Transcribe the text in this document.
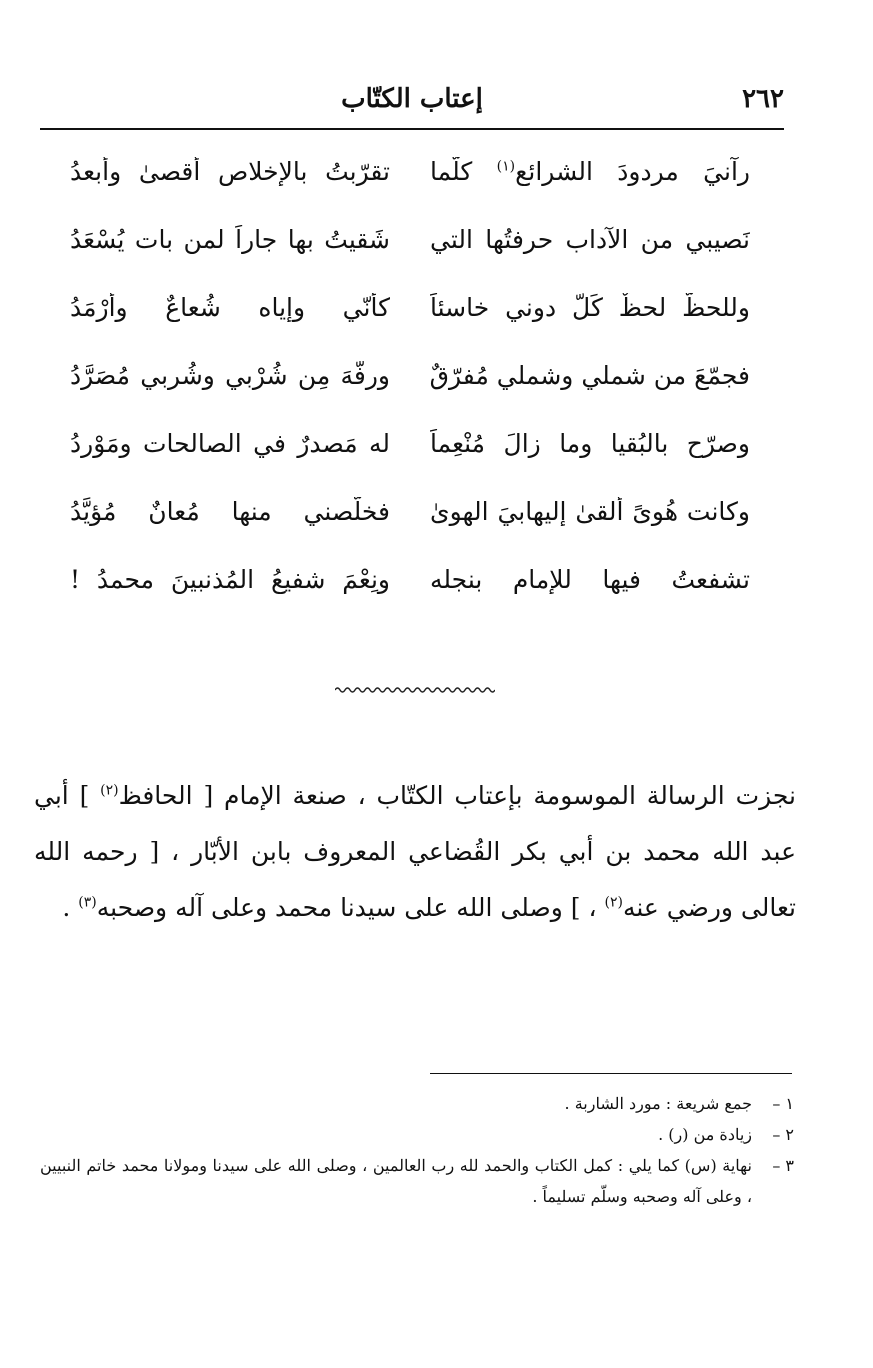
٢٦٢
إعتاب الكتّاب
رآنيَ مردودَ الشرائع$^{(١)}$ كلّما
تقرّبتُ بالإخلاص أُقصىٰ وأُبعدُ
نَصيبي من الآداب حرفتُها التي
شَقيتُ بها جاراً لمن بات يُسْعَدُ
وللحظّ لحظٌ كَلَّ دوني خاسئاً
كأنّي وإياه شُعاعٌ وأرْمَدُ
فجمّعَ من شملي وشملي مُفرّقٌ
ورفّهَ مِن شُرْبي وشُربي مُصَرَّدُ
وصرّح بالبُقيا وما زالَ مُنْعِماً
له مَصدرٌ في الصالحات ومَوْرِدُ
وكانت هُوىً ألقىٰ إليهابيَ الهوىٰ
فخلّصني منها مُعانٌ مُؤيَّدُ
تشفعتُ فيها للإمامِ بنجله
ونِعْمَ شفيعُ المُذنبينَ محمدُ !

نجزت الرسالة الموسومة بإعتاب الكتّاب ، صنعة الإمام [ الحافظ$^{(٢)}$ ] أبي عبد الله محمد بن أبي بكر القُضاعي المعروف بابن الأبّار ، [ رحمه الله تعالى ورضي عنه$^{(٢)}$ ، ] وصلى الله على سيدنا محمد وعلى آله وصحبه$^{(٣)}$ .

١ –
جمع شريعة : مورد الشاربة .
٢ –
زيادة من (ر) .
٣ –
نهاية (س) كما يلي : كمل الكتاب والحمد لله رب العالمين ، وصلى الله على سيدنا ومولانا محمد خاتم النبيين ، وعلى آله وصحبه وسلّم تسليماً .
